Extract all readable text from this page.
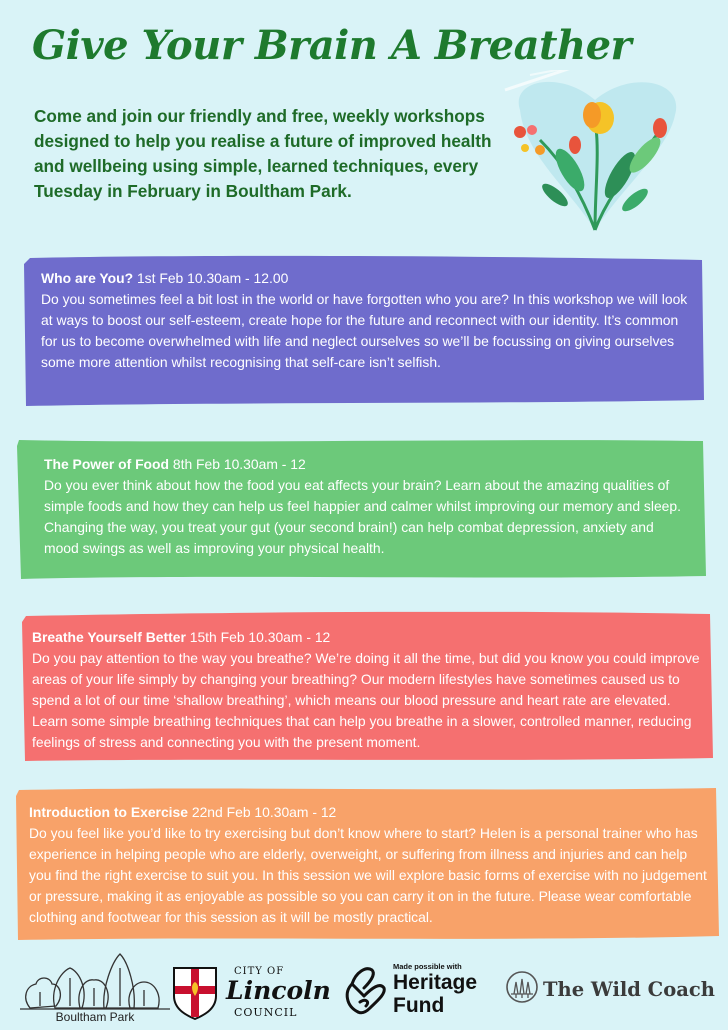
Give Your Brain A Breather
Come and join our friendly and free, weekly workshops designed to help you realise a future of improved health and wellbeing using simple, learned techniques, every Tuesday in February in Boultham Park.
Who are You? 1st Feb 10.30am - 12.00
Do you sometimes feel a bit lost in the world or have forgotten who you are? In this workshop we will look at ways to boost our self-esteem, create hope for the future and reconnect with our identity. It’s common for us to become overwhelmed with life and neglect ourselves so we’ll be focussing on giving ourselves some more attention whilst recognising that self-care isn’t selfish.
The Power of Food 8th Feb 10.30am - 12
Do you ever think about how the food you eat affects your brain? Learn about the amazing qualities of simple foods and how they can help us feel happier and calmer whilst improving our memory and sleep. Changing the way, you treat your gut (your second brain!) can help combat depression, anxiety and mood swings as well as improving your physical health.
Breathe Yourself Better 15th Feb 10.30am - 12
Do you pay attention to the way you breathe? We’re doing it all the time, but did you know you could improve areas of your life simply by changing your breathing? Our modern lifestyles have sometimes caused us to spend a lot of our time ‘shallow breathing’, which means our blood pressure and heart rate are elevated. Learn some simple breathing techniques that can help you breathe in a slower, controlled manner, reducing feelings of stress and connecting you with the present moment.
Introduction to Exercise 22nd Feb 10.30am - 12
Do you feel like you’d like to try exercising but don’t know where to start? Helen is a personal trainer who has experience in helping people who are elderly, overweight, or suffering from illness and injuries and can help you find the right exercise to suit you. In this session we will explore basic forms of exercise with no judgement or pressure, making it as enjoyable as possible so you can carry it on in the future. Please wear comfortable clothing and footwear for this session as it will be mostly practical.
Boultham Park
CITY OF
Lincoln
COUNCIL
Made possible with
Heritage
Fund
The Wild Coach
